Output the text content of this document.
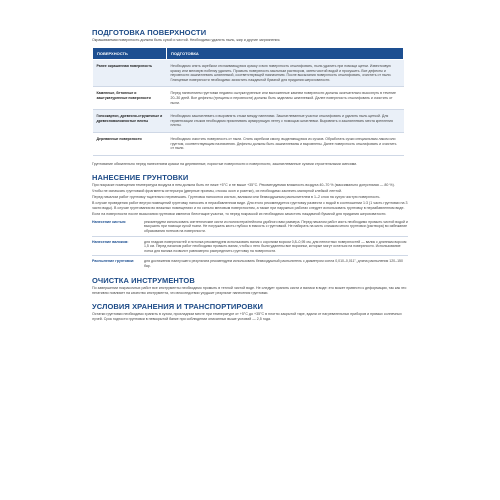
ПОДГОТОВКА ПОВЕРХНОСТИ

Окрашиваемая поверхность должна быть сухой и чистой. Необходимо удалить пыль, жир и другие загрязнения.

ПОВЕРХНОСТЬ	ПОДГОТОВКА
Ранее окрашенная поверхность	Необходимо снять скребком отслаивающуюся краску и всю поверхность отшлифовать, пыль удалить при помощи щетки. Известковую краску или меловую побелку удалить. Промыть поверхность мыльным раствором, затем чистой водой и просушить. Все дефекты и неровности зашпатлевать шпатлевкой, соответствующей назначению. После высыхания поверхность отшлифовать, очистить от пыли. Глянцевые поверхности необходимо зачистить наждачной бумагой для придания шероховатости.
Каменные, бетонные и заштукатуренные поверхности	Перед нанесением грунтовки недавно оштукатуренные или выложенные камнем поверхности должны окончательно высохнуть в течение 20–30 дней. Все дефекты (трещины и неровности) должны быть заделаны шпатлевкой. Далее поверхность отшлифовать и очистить от пыли.
Гипсокартон, древесно-стружечные и древесноволокнистые плиты	Необходимо зашпатлевать и выровнять стыки между панелями. Зашпатлеванные участки отшлифовать и удалить пыль щеткой. Для герметизации стыков необходимо приклеивать армирующую ленту с помощью шпатлевки. Выровнять и зашпатлевать места крепления плиты.
Деревянные поверхности	Необходимо очистить поверхность от пыли. Снять скребком смолу, выделяющуюся из сучков. Обработать сучки специальным лаком или грунтом, соответствующим назначению. Дефекты должны быть зашпатлеваны и выровнены. Далее поверхность отшлифовать и очистить от пыли.

Грунтование обязательно перед нанесением краски на деревянные, пористые поверхности и поверхности, зашпатлеванные сухими строительными смесями.

НАНЕСЕНИЕ ГРУНТОВКИ

При покраске помещения температура воздуха в нем должна быть не ниже +5°С и не выше +35°С. Рекомендуемая влажность воздуха 40–70 % (максимально допустимая — 80 %).

Чтобы не испачкать грунтовкой фрагменты интерьера (дверные проемы, откосы окон и розетки), их необходимо заклеить малярной клейкой лентой.

Перед началом работ грунтовку тщательно перемешать. Грунтовка наносится кистью, валиком или безвоздушным распылителем в 1–2 слоя на сухую чистую поверхность.

В случае проведения работ внутри помещений грунтовку наносить в неразбавленном виде. Для этого рекомендуется грунтовку развести с водой в соотношении 1:3 (1 часть грунтовки на 3 части воды). В случае грунтования во влажных помещениях и по сильно меловым поверхностям, а также при наружных работах следует использовать грунтовку в неразбавленном виде.

Если на поверхности после высыхания грунтовки имеются блестящие участки, то перед покраской их необходимо зачистить наждачной бумагой для придания шероховатости.

Нанесение кистью:	рекомендуем использовать синтетические кисти из полиэстера/нейлона удобного вам размера. Перед началом работ кисть необходимо промыть чистой водой и высушить при помощи сухой ткани. Не погружать кисть глубоко в емкость с грунтовкой. Не набирать на кисть слишком много грунтовки (раствора) во избежание образования потеков на поверхности.
Нанесение валиком:	для гладких поверхностей и потолка рекомендуем использовать валик с коротким ворсом 0,8–0,95 см, для неплотных поверхностей — валик с длинным ворсом 1,5 см. Перед началом работ необходимо промыть валик, чтобы с него были удалены все ворсинки, которые могут остаться на поверхности. Использование лотка для валика позволит равномерно распределить грунтовку на поверхности.
Распыление грунтовки:	для достижения наилучшего результата рекомендуем использовать безвоздушный распылитель с диаметром сопла 0,010–0,011", длина распыления 120–150 бар.
ОЧИСТКА ИНСТРУМЕНТОВ

По завершении покрасочных работ все инструменты необходимо промыть в теплой чистой воде. Не следует хранить кисти и валики в воде: это может привести к деформации, так как это негативно повлияет на качество инструмента, что впоследствии ухудшит результат нанесения грунтовки.

УСЛОВИЯ ХРАНЕНИЯ И ТРАНСПОРТИРОВКИ

Остатки грунтовки необходимо хранить в сухом, прохладном месте при температуре от +5°С до +35°С в плотно закрытой таре, вдали от нагревательных приборов и прямых солнечных лучей. Срок годности грунтовки в невскрытой банке при соблюдении описанных выше условий — 2,5 года.
